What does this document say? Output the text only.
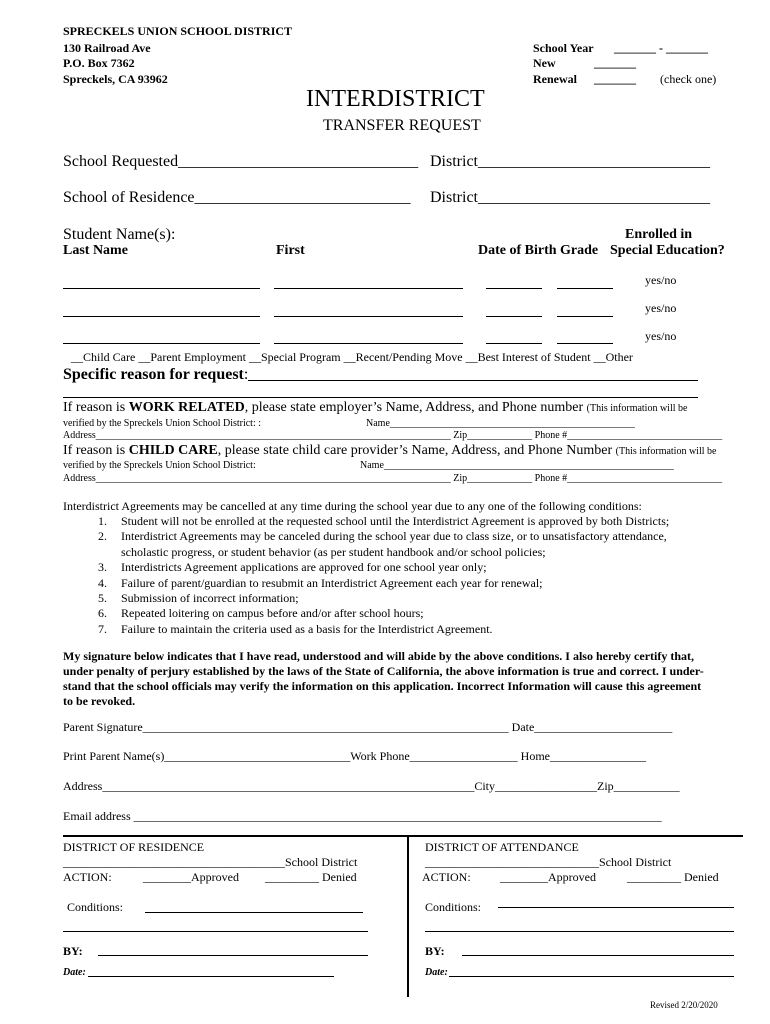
SPRECKELS UNION SCHOOL DISTRICT
130 Railroad Ave
P.O. Box 7362
Spreckels, CA 93962
School Year _______ - _______
New	_______
Renewal _______ (check one)
INTERDISTRICT
TRANSFER REQUEST
School Requested______________________________ District_____________________________
School of Residence___________________________ District_____________________________
Student Name(s):	Enrolled in
Last Name	First	Date of Birth Grade Special Education?
yes/no
yes/no
yes/no
__Child Care __Parent Employment __Special Program __Recent/Pending Move __Best Interest of Student __Other
Specific reason for request:
If reason is WORK RELATED, please state employer’s Name, Address, and Phone number (This information will be
verified by the Spreckels Union School District: :	Name_________________________________________________
Address_______________________________________________________________________ Zip_____________ Phone #_______________________________
If reason is CHILD CARE, please state child care provider’s Name, Address, and Phone Number (This information will be
verified by the Spreckels Union School District:	Name__________________________________________________________
Address_______________________________________________________________________ Zip_____________ Phone #_______________________________
Interdistrict Agreements may be cancelled at any time during the school year due to any one of the following conditions:
1. Student will not be enrolled at the requested school until the Interdistrict Agreement is approved by both Districts;
2. Interdistrict Agreements may be canceled during the school year due to class size, or to unsatisfactory attendance,
scholastic progress, or student behavior (as per student handbook and/or school policies;
3. Interdistricts Agreement applications are approved for one school year only;
4. Failure of parent/guardian to resubmit an Interdistrict Agreement each year for renewal;
5. Submission of incorrect information;
6. Repeated loitering on campus before and/or after school hours;
7. Failure to maintain the criteria used as a basis for the Interdistrict Agreement.
My signature below indicates that I have read, understood and will abide by the above conditions. I also hereby certify that,
under penalty of perjury established by the laws of the State of California, the above information is true and correct. I under-
stand that the school officials may verify the information on this application. Incorrect Information will cause this agreement
to be revoked.
Parent Signature_____________________________________________________________ Date_______________________
Print Parent Name(s)_______________________________Work Phone__________________ Home________________
Address______________________________________________________________City_________________Zip___________
Email address ________________________________________________________________________________________
DISTRICT OF RESIDENCE
_____________________________________School District
ACTION:	________Approved _________ Denied
Conditions:
BY:
Date:
DISTRICT OF ATTENDANCE
_____________________________School District
ACTION: ________Approved	_________ Denied
Conditions:
BY:
Date:
Revised 2/20/2020
